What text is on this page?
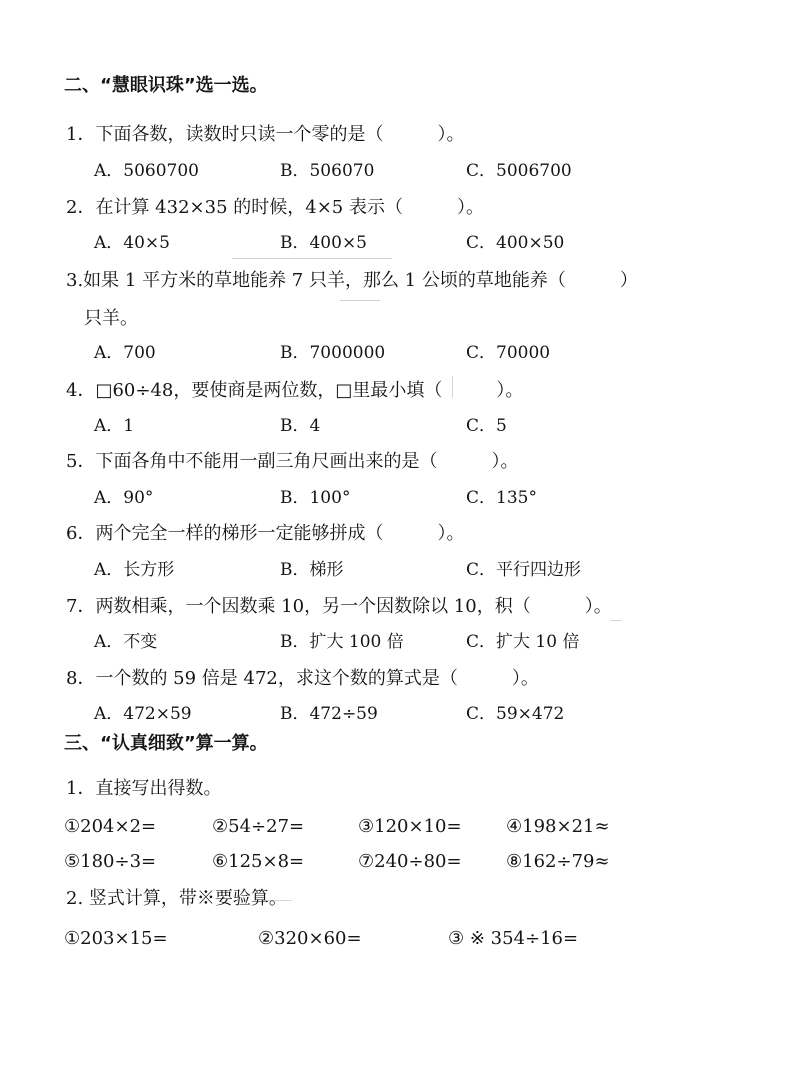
二、“慧眼识珠”选一选。
1．下面各数，读数时只读一个零的是（　　　）。
A．5060700	B．506070	C．5006700
2．在计算 432×35 的时候，4×5 表示（　　　）。
A．40×5	B．400×5	C．400×50
3.如果 1 平方米的草地能养 7 只羊，那么 1 公顷的草地能养（　　　）
只羊。
A．700	B．7000000	C．70000
4．□60÷48，要使商是两位数，□里最小填（　　　）。
A．1	B．4	C．5
5．下面各角中不能用一副三角尺画出来的是（　　　）。
A．90°	B．100°	C．135°
6．两个完全一样的梯形一定能够拼成（　　　）。
A．长方形	B．梯形	C．平行四边形
7．两数相乘，一个因数乘 10，另一个因数除以 10，积（　　　）。
A．不变	B．扩大 100 倍	C．扩大 10 倍
8．一个数的 59 倍是 472，求这个数的算式是（　　　）。
A．472×59	B．472÷59	C．59×472
三、“认真细致”算一算。
1．直接写出得数。
①204×2=	②54÷27=	③120×10= ④198×21≈
⑤180÷3=	⑥125×8=	⑦240÷80= ⑧162÷79≈
2. 竖式计算，带※要验算。
①203×15=	②320×60=	③ ※ 354÷16=
